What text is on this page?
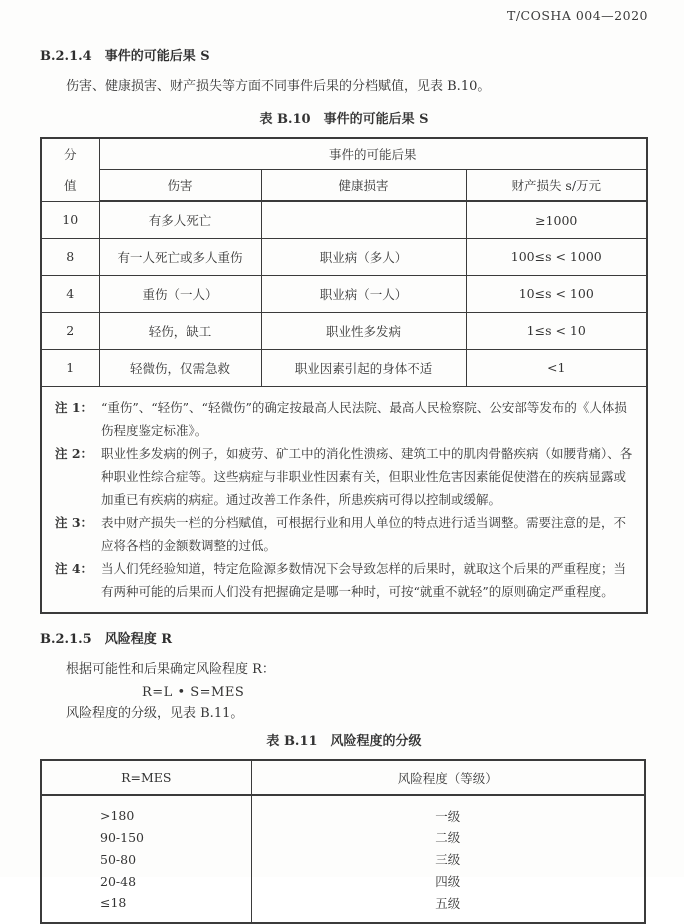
T/COSHA 004—2020
B.2.1.4　事件的可能后果 S

伤害、健康损害、财产损失等方面不同事件后果的分档赋值，见表 B.10。

表 B.10　事件的可能后果 S
分
值	事件的可能后果		
	伤害	健康损害	财产损失 s/万元
10	有多人死亡		≥1000
8	有一人死亡或多人重伤	职业病（多人）	100≤s < 1000
4	重伤（一人）	职业病（一人）	10≤s < 100
2	轻伤，缺工	职业性多发病	1≤s < 10
1	轻微伤，仅需急救	职业因素引起的身体不适	<1

注 1： “重伤”、“轻伤”、“轻微伤”的确定按最高人民法院、最高人民检察院、公安部等发布的《人体损伤程度鉴定标准》。
注 2： 职业性多发病的例子，如疲劳、矿工中的消化性溃疡、建筑工中的肌肉骨骼疾病（如腰背痛）、各种职业性综合症等。这些病症与非职业性因素有关，但职业性危害因素能促使潜在的疾病显露或加重已有疾病的病症。通过改善工作条件，所患疾病可得以控制或缓解。
注 3： 表中财产损失一栏的分档赋值，可根据行业和用人单位的特点进行适当调整。需要注意的是，不应将各档的金额数调整的过低。
注 4： 当人们凭经验知道，特定危险源多数情况下会导致怎样的后果时，就取这个后果的严重程度；当有两种可能的后果而人们没有把握确定是哪一种时，可按“就重不就轻”的原则确定严重程度。
B.2.1.5　风险程度 R

根据可能性和后果确定风险程度 R：

R=L • S=MES

风险程度的分级，见表 B.11。

表 B.11　风险程度的分级
R=MES	风险程度（等级）
>180	一级
90-150	二级
50-80	三级
20-48	四级
≤18	五级
